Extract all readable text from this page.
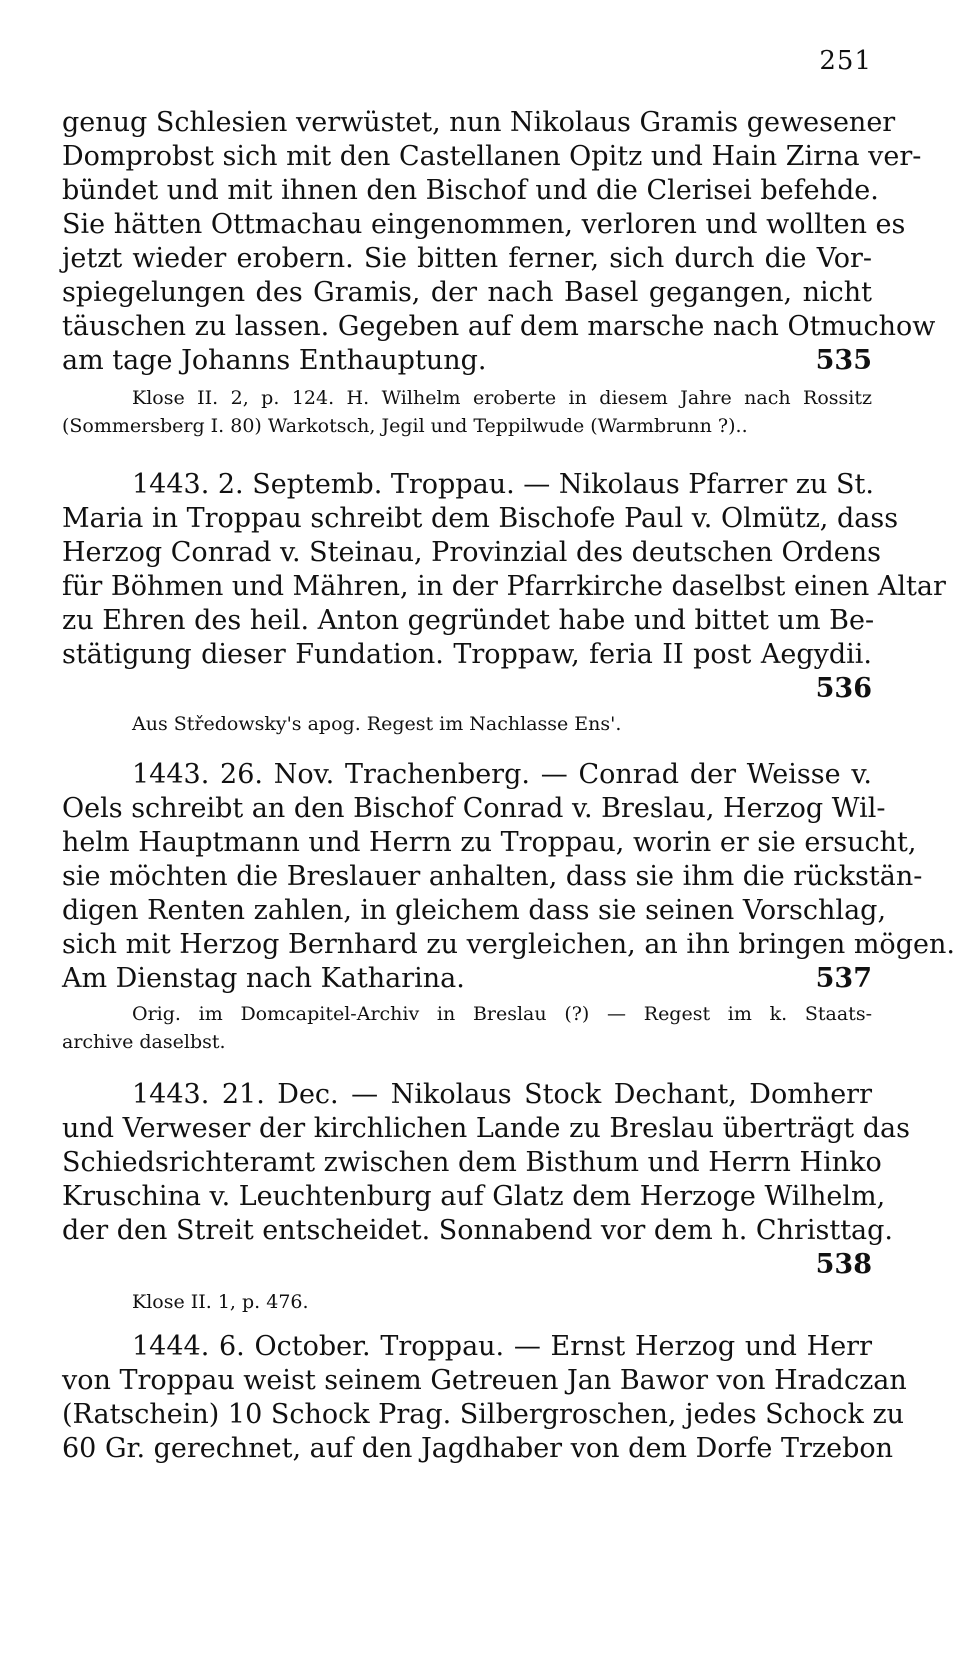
251
genug Schlesien verwüstet, nun Nikolaus Gramis gewesener
Domprobst sich mit den Castellanen Opitz und Hain Zirna ver-
bündet und mit ihnen den Bischof und die Clerisei befehde.
Sie hätten Ottmachau eingenommen, verloren und wollten es
jetzt wieder erobern. Sie bitten ferner, sich durch die Vor-
spiegelungen des Gramis, der nach Basel gegangen, nicht
täuschen zu lassen. Gegeben auf dem marsche nach Otmuchow
am tage Johanns Enthauptung.	535
Klose II. 2, p. 124. H. Wilhelm eroberte in diesem Jahre nach Rossitz
(Sommersberg I. 80) Warkotsch, Jegil und Teppilwude (Warmbrunn ?)..
1443. 2. Septemb. Troppau. — Nikolaus Pfarrer zu St.
Maria in Troppau schreibt dem Bischofe Paul v. Olmütz, dass
Herzog Conrad v. Steinau, Provinzial des deutschen Ordens
für Böhmen und Mähren, in der Pfarrkirche daselbst einen Altar
zu Ehren des heil. Anton gegründet habe und bittet um Be-
stätigung dieser Fundation. Troppaw, feria II post Aegydii.
536
Aus Středowsky's apog. Regest im Nachlasse Ens'.
1443. 26. Nov. Trachenberg. — Conrad der Weisse v.
Oels schreibt an den Bischof Conrad v. Breslau, Herzog Wil-
helm Hauptmann und Herrn zu Troppau, worin er sie ersucht,
sie möchten die Breslauer anhalten, dass sie ihm die rückstän-
digen Renten zahlen, in gleichem dass sie seinen Vorschlag,
sich mit Herzog Bernhard zu vergleichen, an ihn bringen mögen.
Am Dienstag nach Katharina.	537
Orig. im Domcapitel-Archiv in Breslau (?) — Regest im k. Staats-
archive daselbst.
1443. 21. Dec. — Nikolaus Stock Dechant, Domherr
und Verweser der kirchlichen Lande zu Breslau überträgt das
Schiedsrichteramt zwischen dem Bisthum und Herrn Hinko
Kruschina v. Leuchtenburg auf Glatz dem Herzoge Wilhelm,
der den Streit entscheidet. Sonnabend vor dem h. Christtag.
538
Klose II. 1, p. 476.
1444. 6. October. Troppau. — Ernst Herzog und Herr
von Troppau weist seinem Getreuen Jan Bawor von Hradczan
(Ratschein) 10 Schock Prag. Silbergroschen, jedes Schock zu
60 Gr. gerechnet, auf den Jagdhaber von dem Dorfe Trzebon
